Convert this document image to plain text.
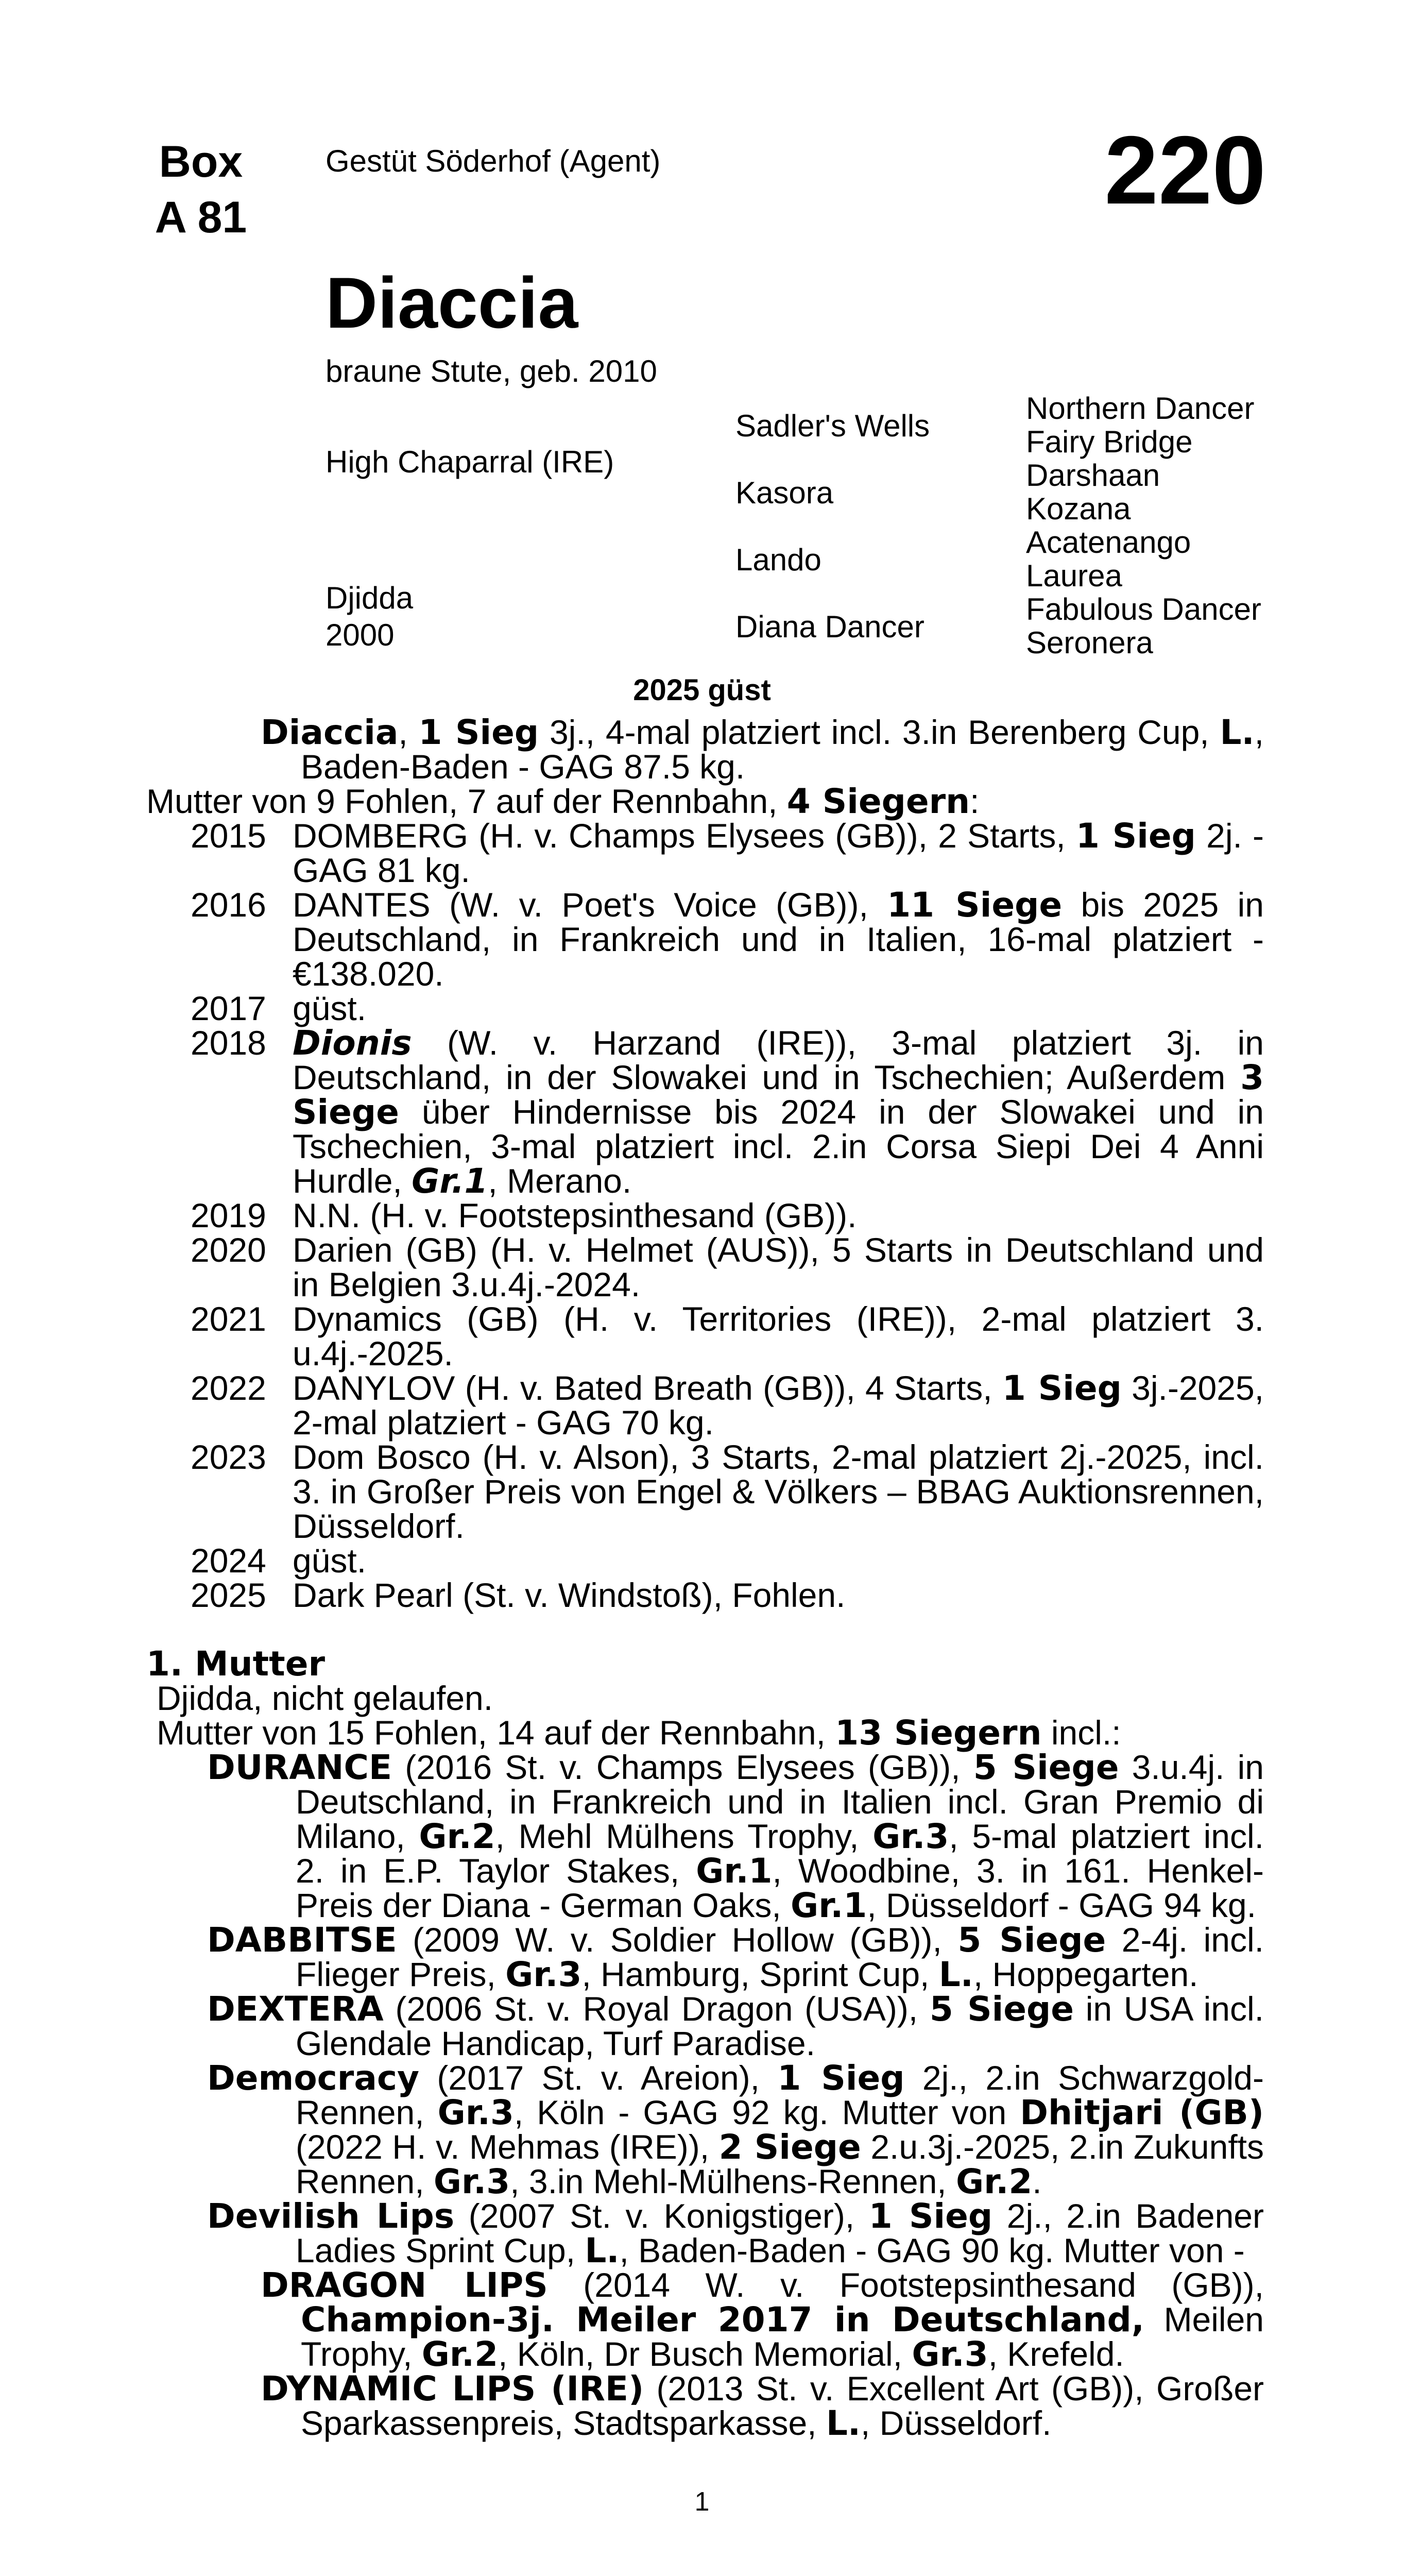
Box
A 81
Gestüt Söderhof (Agent)	220
Diaccia
braune Stute, geb. 2010
High Chaparral (IRE)
Djidda
2000
Sadler's Wells
Kasora
Lando
Diana Dancer
Northern Dancer
Fairy Bridge
Darshaan
Kozana
Acatenango
Laurea
Fabulous Dancer
Seronera
2025 güst

Diaccia, 1 Sieg 3j., 4-mal platziert incl. 3.in Berenberg Cup, L., Baden-Baden - GAG 87.5 kg.

Mutter von 9 Fohlen, 7 auf der Rennbahn, 4 Siegern:

2015 DOMBERG (H. v. Champs Elysees (GB)), 2 Starts, 1 Sieg 2j. - GAG 81 kg.
2016 DANTES (W. v. Poet's Voice (GB)), 11 Siege bis 2025 in Deutschland, in Frankreich und in Italien, 16-mal platziert - €138.020.
2017 güst.
2018 Dionis (W. v. Harzand (IRE)), 3-mal platziert 3j. in Deutschland, in der Slowakei und in Tschechien; Außerdem 3 Siege über Hindernisse bis 2024 in der Slowakei und in Tschechien, 3-mal platziert incl. 2.in Corsa Siepi Dei 4 Anni Hurdle, Gr.1, Merano.
2019 N.N. (H. v. Footstepsinthesand (GB)).
2020 Darien (GB) (H. v. Helmet (AUS)), 5 Starts in Deutschland und in Belgien 3.u.4j.-2024.
2021 Dynamics (GB) (H. v. Territories (IRE)), 2-mal platziert 3. u.4j.-2025.
2022 DANYLOV (H. v. Bated Breath (GB)), 4 Starts, 1 Sieg 3j.-2025, 2-mal platziert - GAG 70 kg.
2023 Dom Bosco (H. v. Alson), 3 Starts, 2-mal platziert 2j.-2025, incl. 3. in Großer Preis von Engel & Völkers – BBAG Auktionsrennen, Düsseldorf.
2024 güst.
2025 Dark Pearl (St. v. Windstoß), Fohlen.

1. Mutter

Djidda, nicht gelaufen.

Mutter von 15 Fohlen, 14 auf der Rennbahn, 13 Siegern incl.:

DURANCE (2016 St. v. Champs Elysees (GB)), 5 Siege 3.u.4j. in Deutschland, in Frankreich und in Italien incl. Gran Premio di Milano, Gr.2, Mehl Mülhens Trophy, Gr.3, 5-mal platziert incl. 2. in E.P. Taylor Stakes, Gr.1, Woodbine, 3. in 161. Henkel-Preis der Diana - German Oaks, Gr.1, Düsseldorf - GAG 94 kg.

DABBITSE (2009 W. v. Soldier Hollow (GB)), 5 Siege 2-4j. incl. Flieger Preis, Gr.3, Hamburg, Sprint Cup, L., Hoppegarten.

DEXTERA (2006 St. v. Royal Dragon (USA)), 5 Siege in USA incl. Glendale Handicap, Turf Paradise.

Democracy (2017 St. v. Areion), 1 Sieg 2j., 2.in Schwarzgold-Rennen, Gr.3, Köln - GAG 92 kg. Mutter von Dhitjari (GB) (2022 H. v. Mehmas (IRE)), 2 Siege 2.u.3j.-2025, 2.in Zukunfts Rennen, Gr.3, 3.in Mehl-Mülhens-Rennen, Gr.2.

Devilish Lips (2007 St. v. Konigstiger), 1 Sieg 2j., 2.in Badener Ladies Sprint Cup, L., Baden-Baden - GAG 90 kg. Mutter von -

DRAGON LIPS (2014 W. v. Footstepsinthesand (GB)), Champion-3j. Meiler 2017 in Deutschland, Meilen Trophy, Gr.2, Köln, Dr Busch Memorial, Gr.3, Krefeld.

DYNAMIC LIPS (IRE) (2013 St. v. Excellent Art (GB)), Großer Sparkassenpreis, Stadtsparkasse, L., Düsseldorf.

1
